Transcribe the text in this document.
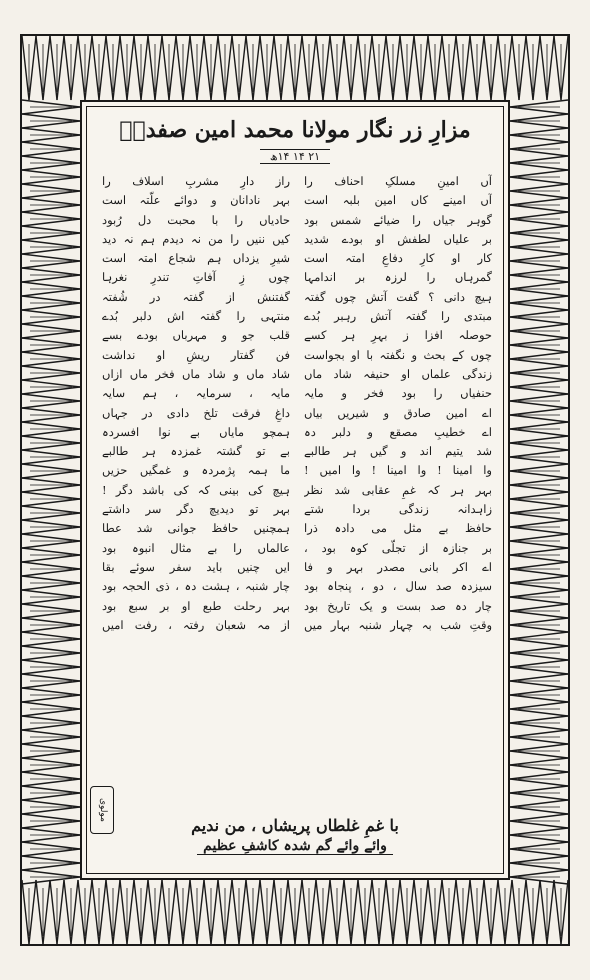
مزارِ زر نگار مولانا محمد امین صفدرؒ
۲۱ ۱۴ ۱۴ھ
آں امینِ مسلکِ احناف را
آں امینے کاں امین بلبہ است
گوہر جیاں را ضیائے شمس بود
بر علیاں لطفش او بودے شدید
کار او کارِ دفاعِ امتہ است
گمرہاں را لرزہ بر اندامہا
ہیچ دانی ؟ گفت آتش چوں گفتہ
مبتدی را گفتہ آتش رہبر بُدے
حوصلہ افزا ز بہرِ ہر کسے
چوں کے بحث و نگفتہ با او بجواست
زندگی علماں او حنیفہ شاد ماں
حنفیاں را بود فخر و مایہ
اے امین صادق و شیریں بیاں
اے خطیبِ مصقع و دلبر دہ
شد یتیم اند و گیں ہر طالبے
وا امینا ! وا امینا ! وا امیں !
بہر ہر کہ غمِ عقابی شد نظر
زاہدانہ زندگی بردا شتے
حافظ بے مثل می دادہ ذرا
بر جنازہ از تجلّی کوہ بود ،
اے اکر بانی مصدر بہر و فا
سیزدہ صد سال ، دو ، پنجاہ بود
چار دہ صد بست و یک تاریخ بود
وقتِ شب بہ چہار شنبہ بہار میں
راز دارِ مشربِ اسلاف را
بہر نادانان و دوائے علّتہ است
حادیاں را با محبت دل رُبود
کیں ننیں را من نہ دیدم ہم نہ دید
شیرِ یزداں ہم شجاع امتہ است
چوں زِ آفاتِ تندرِ نغرہا
گفتنش از گفتہ در شُفتہ
منتہی را گفتہ اش دلبر بُدے
قلب جو و مہرباں بودے بسے
فن گفتار ریشِ او نداشت
شاد ماں و شاد ماں فخر ماں ازاں
مایہ ، سرمایہ ، ہم سایہ
داغِ فرقت تلخ دادی در جہاں
ہمچو مایاں بے نوا افسردہ
بے تو گشتہ غمزدہ ہر طالبے
ما ہمہ پژمردہ و غمگیں حزیں
ہیچ کی بینی کہ کی باشد دگر !
بہر تو دیدیچ دگر سر داشتے
ہمچنیں حافظ جوانی شد عطا
عالماں را بے مثال انبوہ بود
ایں چنیں باید سفر سوئے بقا
چار شنبہ ، ہشت دہ ، ذی الحجہ بود
بہر رحلت طبع او بر سبع بود
از مہ شعبان رفتہ ، رفت امیں
مولوی
با غمِ غلطاں پریشاں ، من ندیم
وائے وائے گم شدہ کاشفِ عظیم
